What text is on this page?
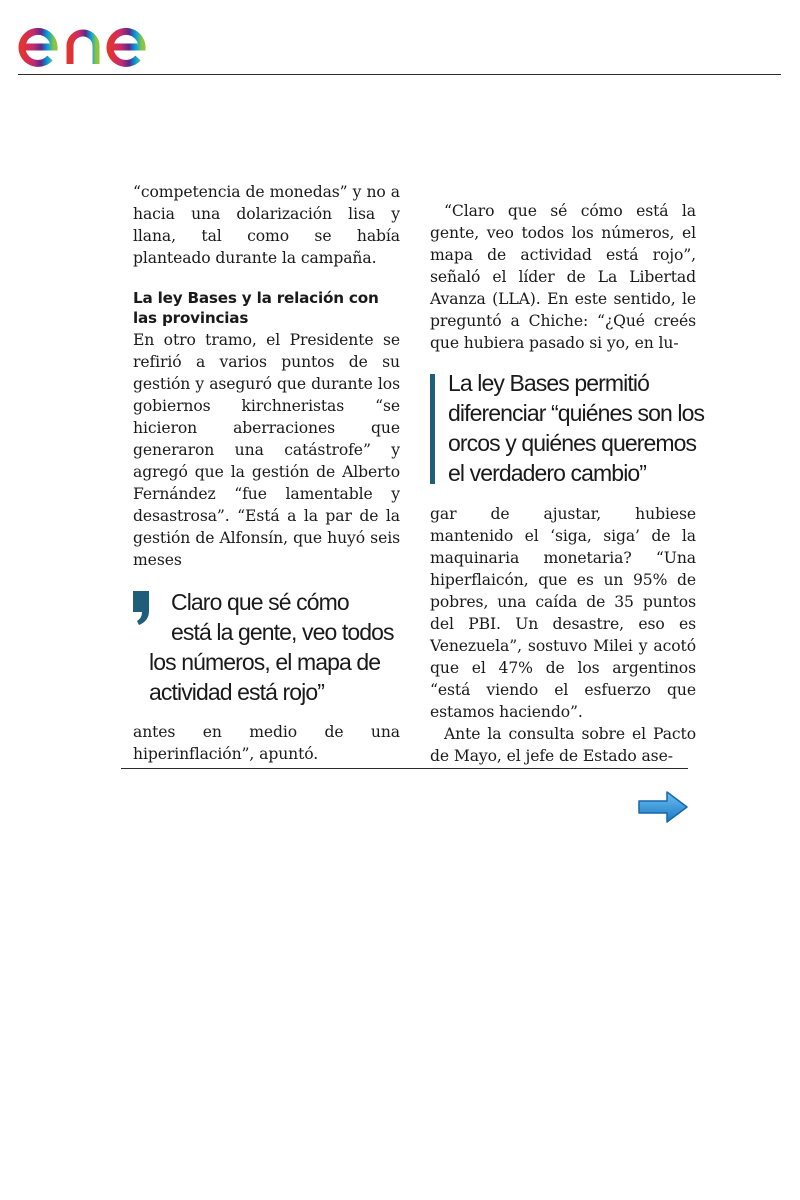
“competencia de monedas” y no a hacia una dolarización lisa y llana, tal como se había planteado durante la campaña.

La ley Bases y la relación con las provincias

En otro tramo, el Presidente se refirió a varios puntos de su gestión y aseguró que durante los gobiernos kirchneristas “se hicieron aberraciones que generaron una catástrofe” y agregó que la gestión de Alberto Fernández “fue lamentable y desastrosa”. “Está a la par de la gestión de Alfonsín, que huyó seis meses

Claro que sé cómo
está la gente, veo todos
los números, el mapa de
actividad está rojo”

antes en medio de una hiperinflación”, apuntó.

“Claro que sé cómo está la gente, veo todos los números, el mapa de actividad está rojo”, señaló el líder de La Libertad Avanza (LLA). En este sentido, le preguntó a Chiche: “¿Qué creés que hubiera pasado si yo, en lu-

La ley Bases permitió
diferenciar “quiénes son los
orcos y quiénes queremos
el verdadero cambio”

gar de ajustar, hubiese mantenido el ‘siga, siga’ de la maquinaria monetaria? “Una hiperflaicón, que es un 95% de pobres, una caída de 35 puntos del PBI. Un desastre, eso es Venezuela”, sostuvo Milei y acotó que el 47% de los argentinos “está viendo el esfuerzo que estamos haciendo”.

Ante la consulta sobre el Pacto de Mayo, el jefe de Estado ase-
